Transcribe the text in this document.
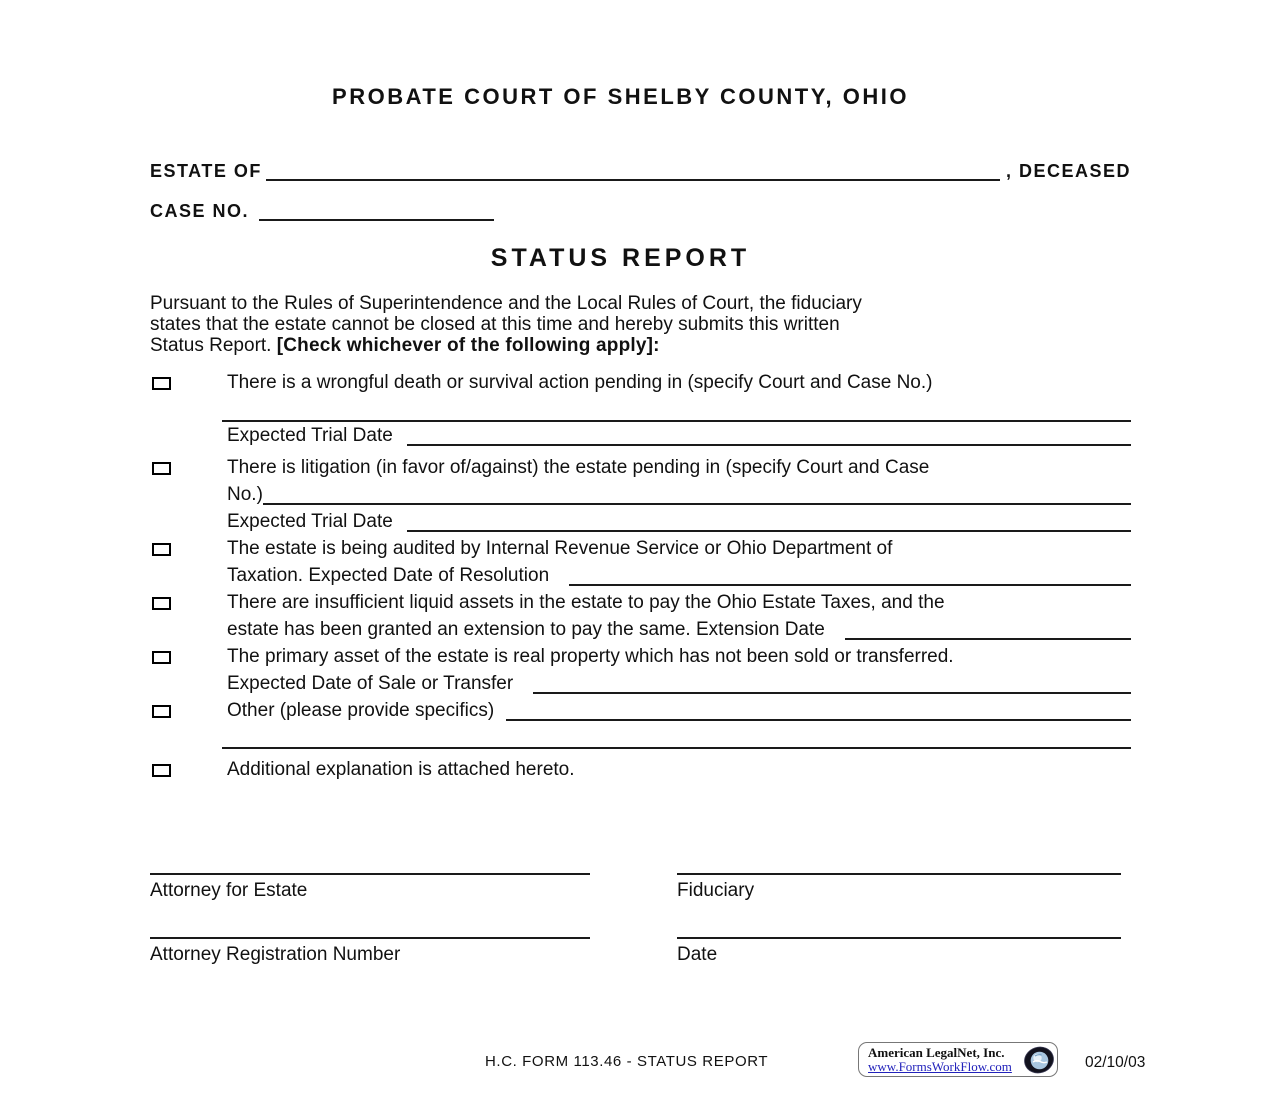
PROBATE COURT OF SHELBY COUNTY, OHIO
ESTATE OF	, DECEASED
CASE NO.
STATUS REPORT
Pursuant to the Rules of Superintendence and the Local Rules of Court, the fiduciary
states that the estate cannot be closed at this time and hereby submits this written
Status Report. [Check whichever of the following apply]:
There is a wrongful death or survival action pending in (specify Court and Case No.)
Expected Trial Date
There is litigation (in favor of/against) the estate pending in (specify Court and Case
No.)
Expected Trial Date
The estate is being audited by Internal Revenue Service or Ohio Department of
Taxation. Expected Date of Resolution
There are insufficient liquid assets in the estate to pay the Ohio Estate Taxes, and the
estate has been granted an extension to pay the same. Extension Date
The primary asset of the estate is real property which has not been sold or transferred.
Expected Date of Sale or Transfer
Other (please provide specifics)
Additional explanation is attached hereto.
Attorney for Estate	Fiduciary
Attorney Registration Number	Date
H.C. FORM 113.46 - STATUS REPORT
American LegalNet, Inc.
www.FormsWorkFlow.com	02/10/03
